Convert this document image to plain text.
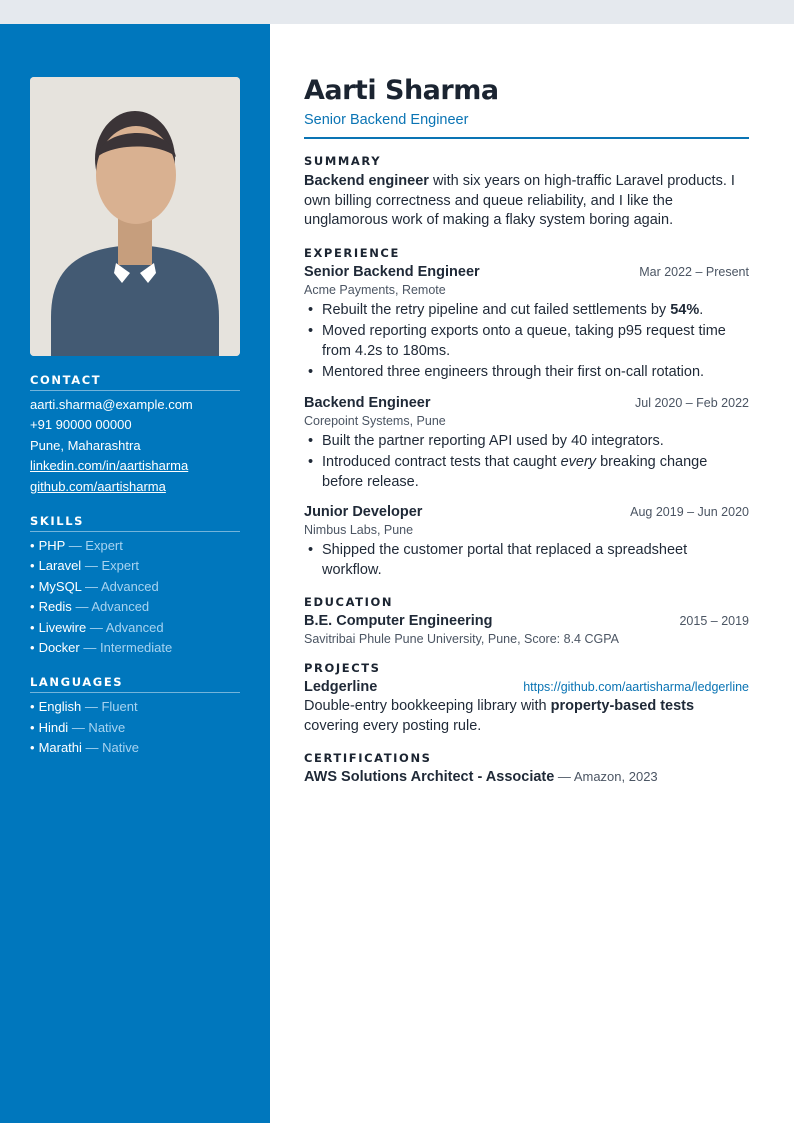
CONTACT
aarti.sharma@example.com
+91 90000 00000
Pune, Maharashtra
linkedin.com/in/aartisharma
github.com/aartisharma
SKILLS
• PHP — Expert
• Laravel — Expert
• MySQL — Advanced
• Redis — Advanced
• Livewire — Advanced
• Docker — Intermediate
LANGUAGES
• English — Fluent
• Hindi — Native
• Marathi — Native
Aarti Sharma
Senior Backend Engineer
SUMMARY

Backend engineer with six years on high-traffic Laravel products. I own billing correctness and queue reliability, and I like the unglamorous work of making a flaky system boring again.

EXPERIENCE
Senior Backend Engineer	Mar 2022 – Present
Acme Payments, Remote
• Rebuilt the retry pipeline and cut failed settlements by 54%.
• Moved reporting exports onto a queue, taking p95 request time from 4.2s to 180ms.
• Mentored three engineers through their first on-call rotation.
Backend Engineer	Jul 2020 – Feb 2022
Corepoint Systems, Pune
• Built the partner reporting API used by 40 integrators.
• Introduced contract tests that caught every breaking change before release.
Junior Developer	Aug 2019 – Jun 2020
Nimbus Labs, Pune
• Shipped the customer portal that replaced a spreadsheet workflow.
EDUCATION
B.E. Computer Engineering	2015 – 2019
Savitribai Phule Pune University, Pune, Score: 8.4 CGPA
PROJECTS
Ledgerline	https://github.com/aartisharma/ledgerline

Double-entry bookkeeping library with property-based tests covering every posting rule.

CERTIFICATIONS
AWS Solutions Architect - Associate — Amazon, 2023
